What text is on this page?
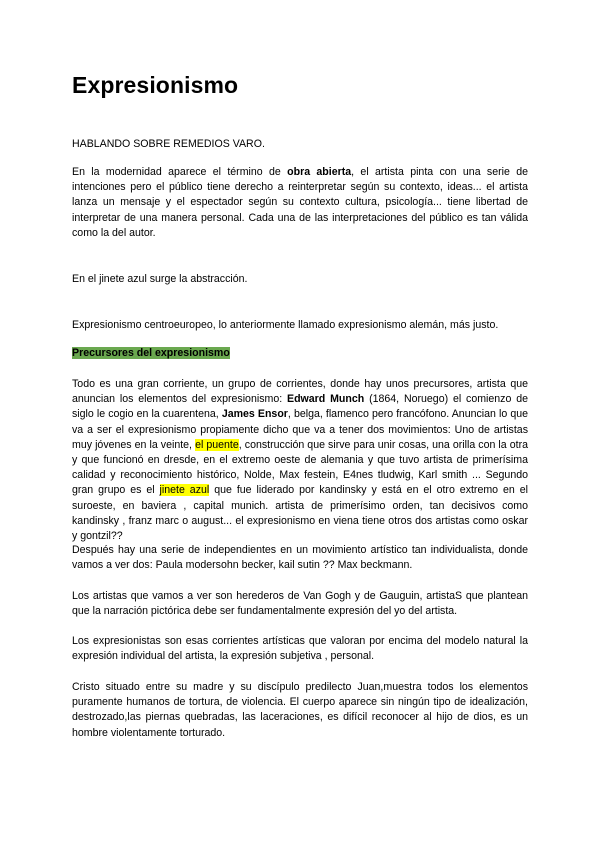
Expresionismo

HABLANDO SOBRE REMEDIOS VARO.

En la modernidad aparece el término de obra abierta, el artista pinta con una serie de intenciones pero el público tiene derecho a reinterpretar según su contexto, ideas... el artista lanza un mensaje y el espectador según su contexto cultura, psicología... tiene libertad de interpretar de una manera personal. Cada una de las interpretaciones del público es tan válida como la del autor.

En el jinete azul surge la abstracción.

Expresionismo centroeuropeo, lo anteriormente llamado expresionismo alemán, más justo.

Precursores del expresionismo

Todo es una gran corriente, un grupo de corrientes, donde hay unos precursores, artista que anuncian los elementos del expresionismo: Edward Munch (1864, Noruego) el comienzo de siglo le cogio en la cuarentena, James Ensor, belga, flamenco pero francófono. Anuncian lo que va a ser el expresionismo propiamente dicho que va a tener dos movimientos: Uno de artistas muy jóvenes en la veinte, el puente, construcción que sirve para unir cosas, una orilla con la otra y que funcionó en dresde, en el extremo oeste de alemania y que tuvo artista de primerísima calidad y reconocimiento histórico, Nolde, Max festein, E4nes tludwig, Karl smith ... Segundo gran grupo es el jinete azul que fue liderado por kandinsky y está en el otro extremo en el suroeste, en baviera , capital munich. artista de primerísimo orden, tan decisivos como kandinsky , franz marc o august... el expresionismo en viena tiene otros dos artistas como oskar y gontzil??

Después hay una serie de independientes en un movimiento artístico tan individualista, donde vamos a ver dos: Paula modersohn becker, kail sutin ?? Max beckmann.

Los artistas que vamos a ver son herederos de Van Gogh y de Gauguin, artistaS que plantean que la narración pictórica debe ser fundamentalmente expresión del yo del artista.

Los expresionistas son esas corrientes artísticas que valoran por encima del modelo natural la expresión individual del artista, la expresión subjetiva , personal.

Cristo situado entre su madre y su discípulo predilecto Juan,muestra todos los elementos puramente humanos de tortura, de violencia. El cuerpo aparece sin ningún tipo de idealización, destrozado,las piernas quebradas, las laceraciones, es difícil reconocer al hijo de dios, es un hombre violentamente torturado.
